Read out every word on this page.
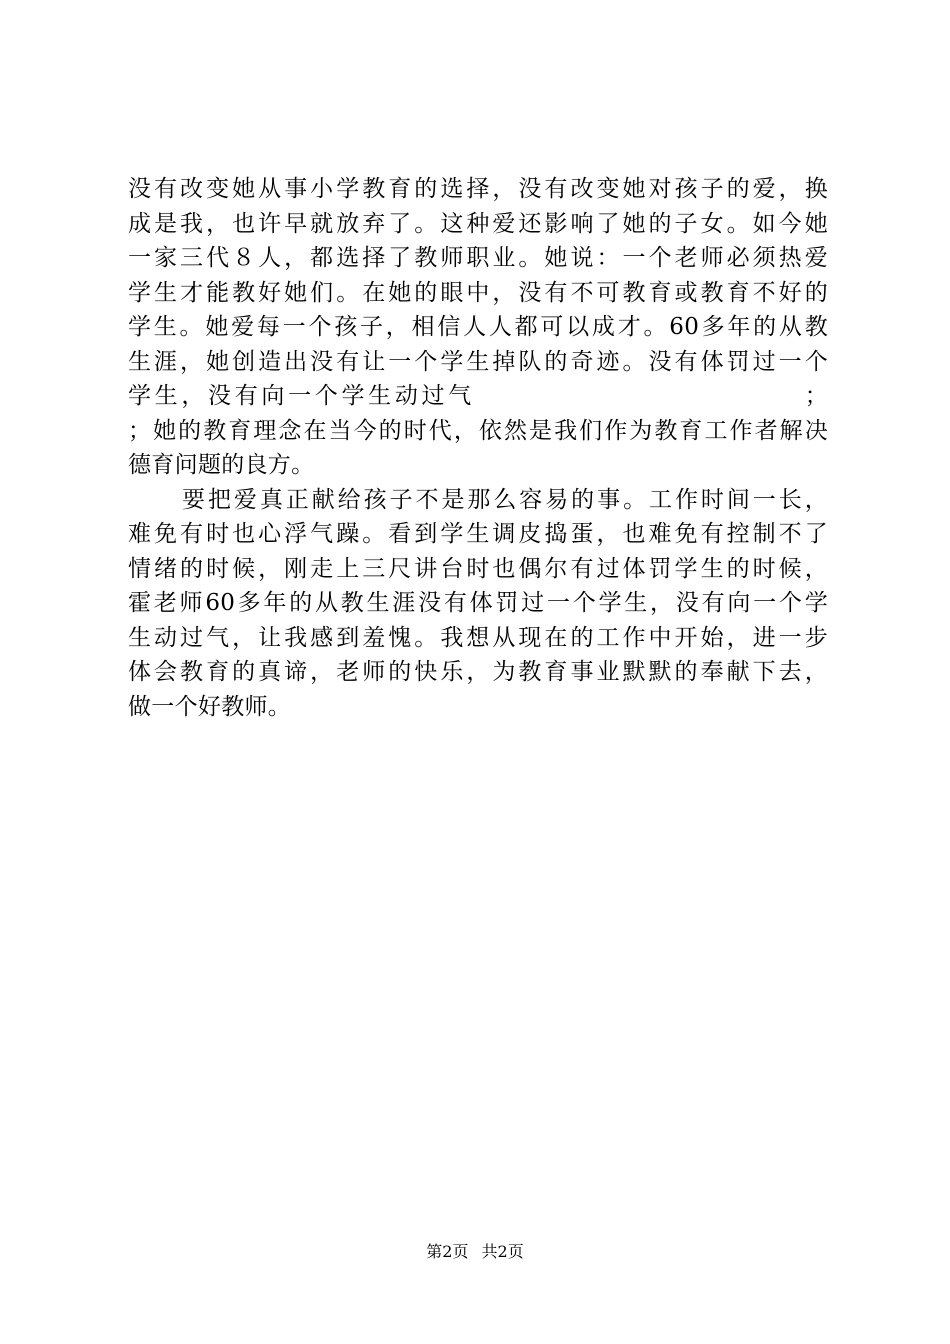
没有改变她从事小学教育的选择，没有改变她对孩子的爱，换
成是我，也许早就放弃了。这种爱还影响了她的子女。如今她
一家三代８人，都选择了教师职业。她说：一个老师必须热爱
学生才能教好她们。在她的眼中，没有不可教育或教育不好的
学生。她爱每一个孩子，相信人人都可以成才。60多年的从教
生涯，她创造出没有让一个学生掉队的奇迹。没有体罚过一个
学生，没有向一个学生动过气                              ；
；她的教育理念在当今的时代，依然是我们作为教育工作者解决
德育问题的良方。
要把爱真正献给孩子不是那么容易的事。工作时间一长，
难免有时也心浮气躁。看到学生调皮捣蛋，也难免有控制不了
情绪的时候，刚走上三尺讲台时也偶尔有过体罚学生的时候，
霍老师60多年的从教生涯没有体罚过一个学生，没有向一个学
生动过气，让我感到羞愧。我想从现在的工作中开始，进一步
体会教育的真谛，老师的快乐，为教育事业默默的奉献下去，
做一个好教师。
第2页 共2页
